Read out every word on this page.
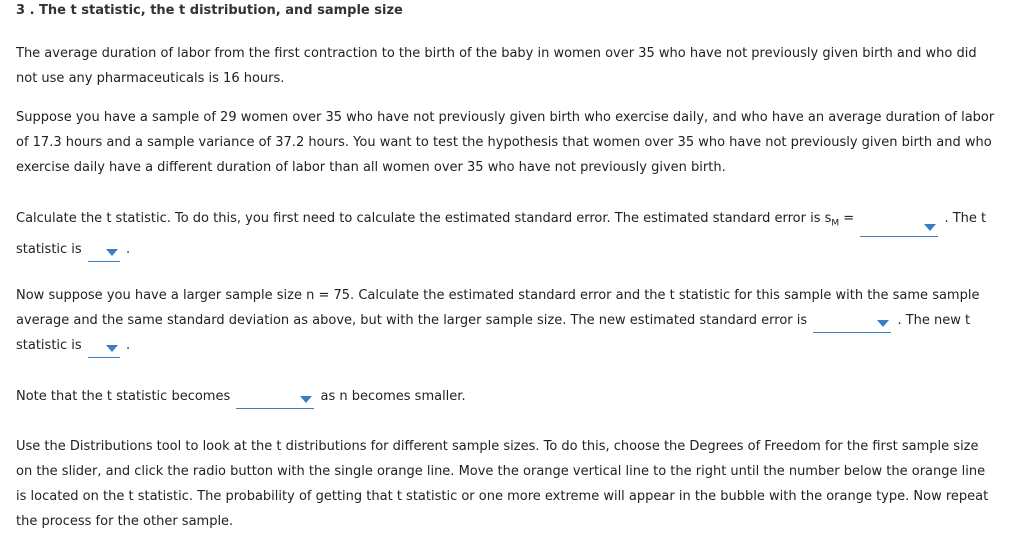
3 . The t statistic, the t distribution, and sample size

The average duration of labor from the first contraction to the birth of the baby in women over 35 who have not previously given birth and who did not use any pharmaceuticals is 16 hours.

Suppose you have a sample of 29 women over 35 who have not previously given birth who exercise daily, and who have an average duration of labor of 17.3 hours and a sample variance of 37.2 hours. You want to test the hypothesis that women over 35 who have not previously given birth and who exercise daily have a different duration of labor than all women over 35 who have not previously given birth.

Calculate the t statistic. To do this, you first need to calculate the estimated standard error. The estimated standard error is $s_M$ =	. The t statistic is	.

Now suppose you have a larger sample size n = 75. Calculate the estimated standard error and the t statistic for this sample with the same sample average and the same standard deviation as above, but with the larger sample size. The new estimated standard error is	. The new t statistic is	.

Note that the t statistic becomes	as n becomes smaller.

Use the Distributions tool to look at the t distributions for different sample sizes. To do this, choose the Degrees of Freedom for the first sample size on the slider, and click the radio button with the single orange line. Move the orange vertical line to the right until the number below the orange line is located on the t statistic. The probability of getting that t statistic or one more extreme will appear in the bubble with the orange type. Now repeat the process for the other sample.
